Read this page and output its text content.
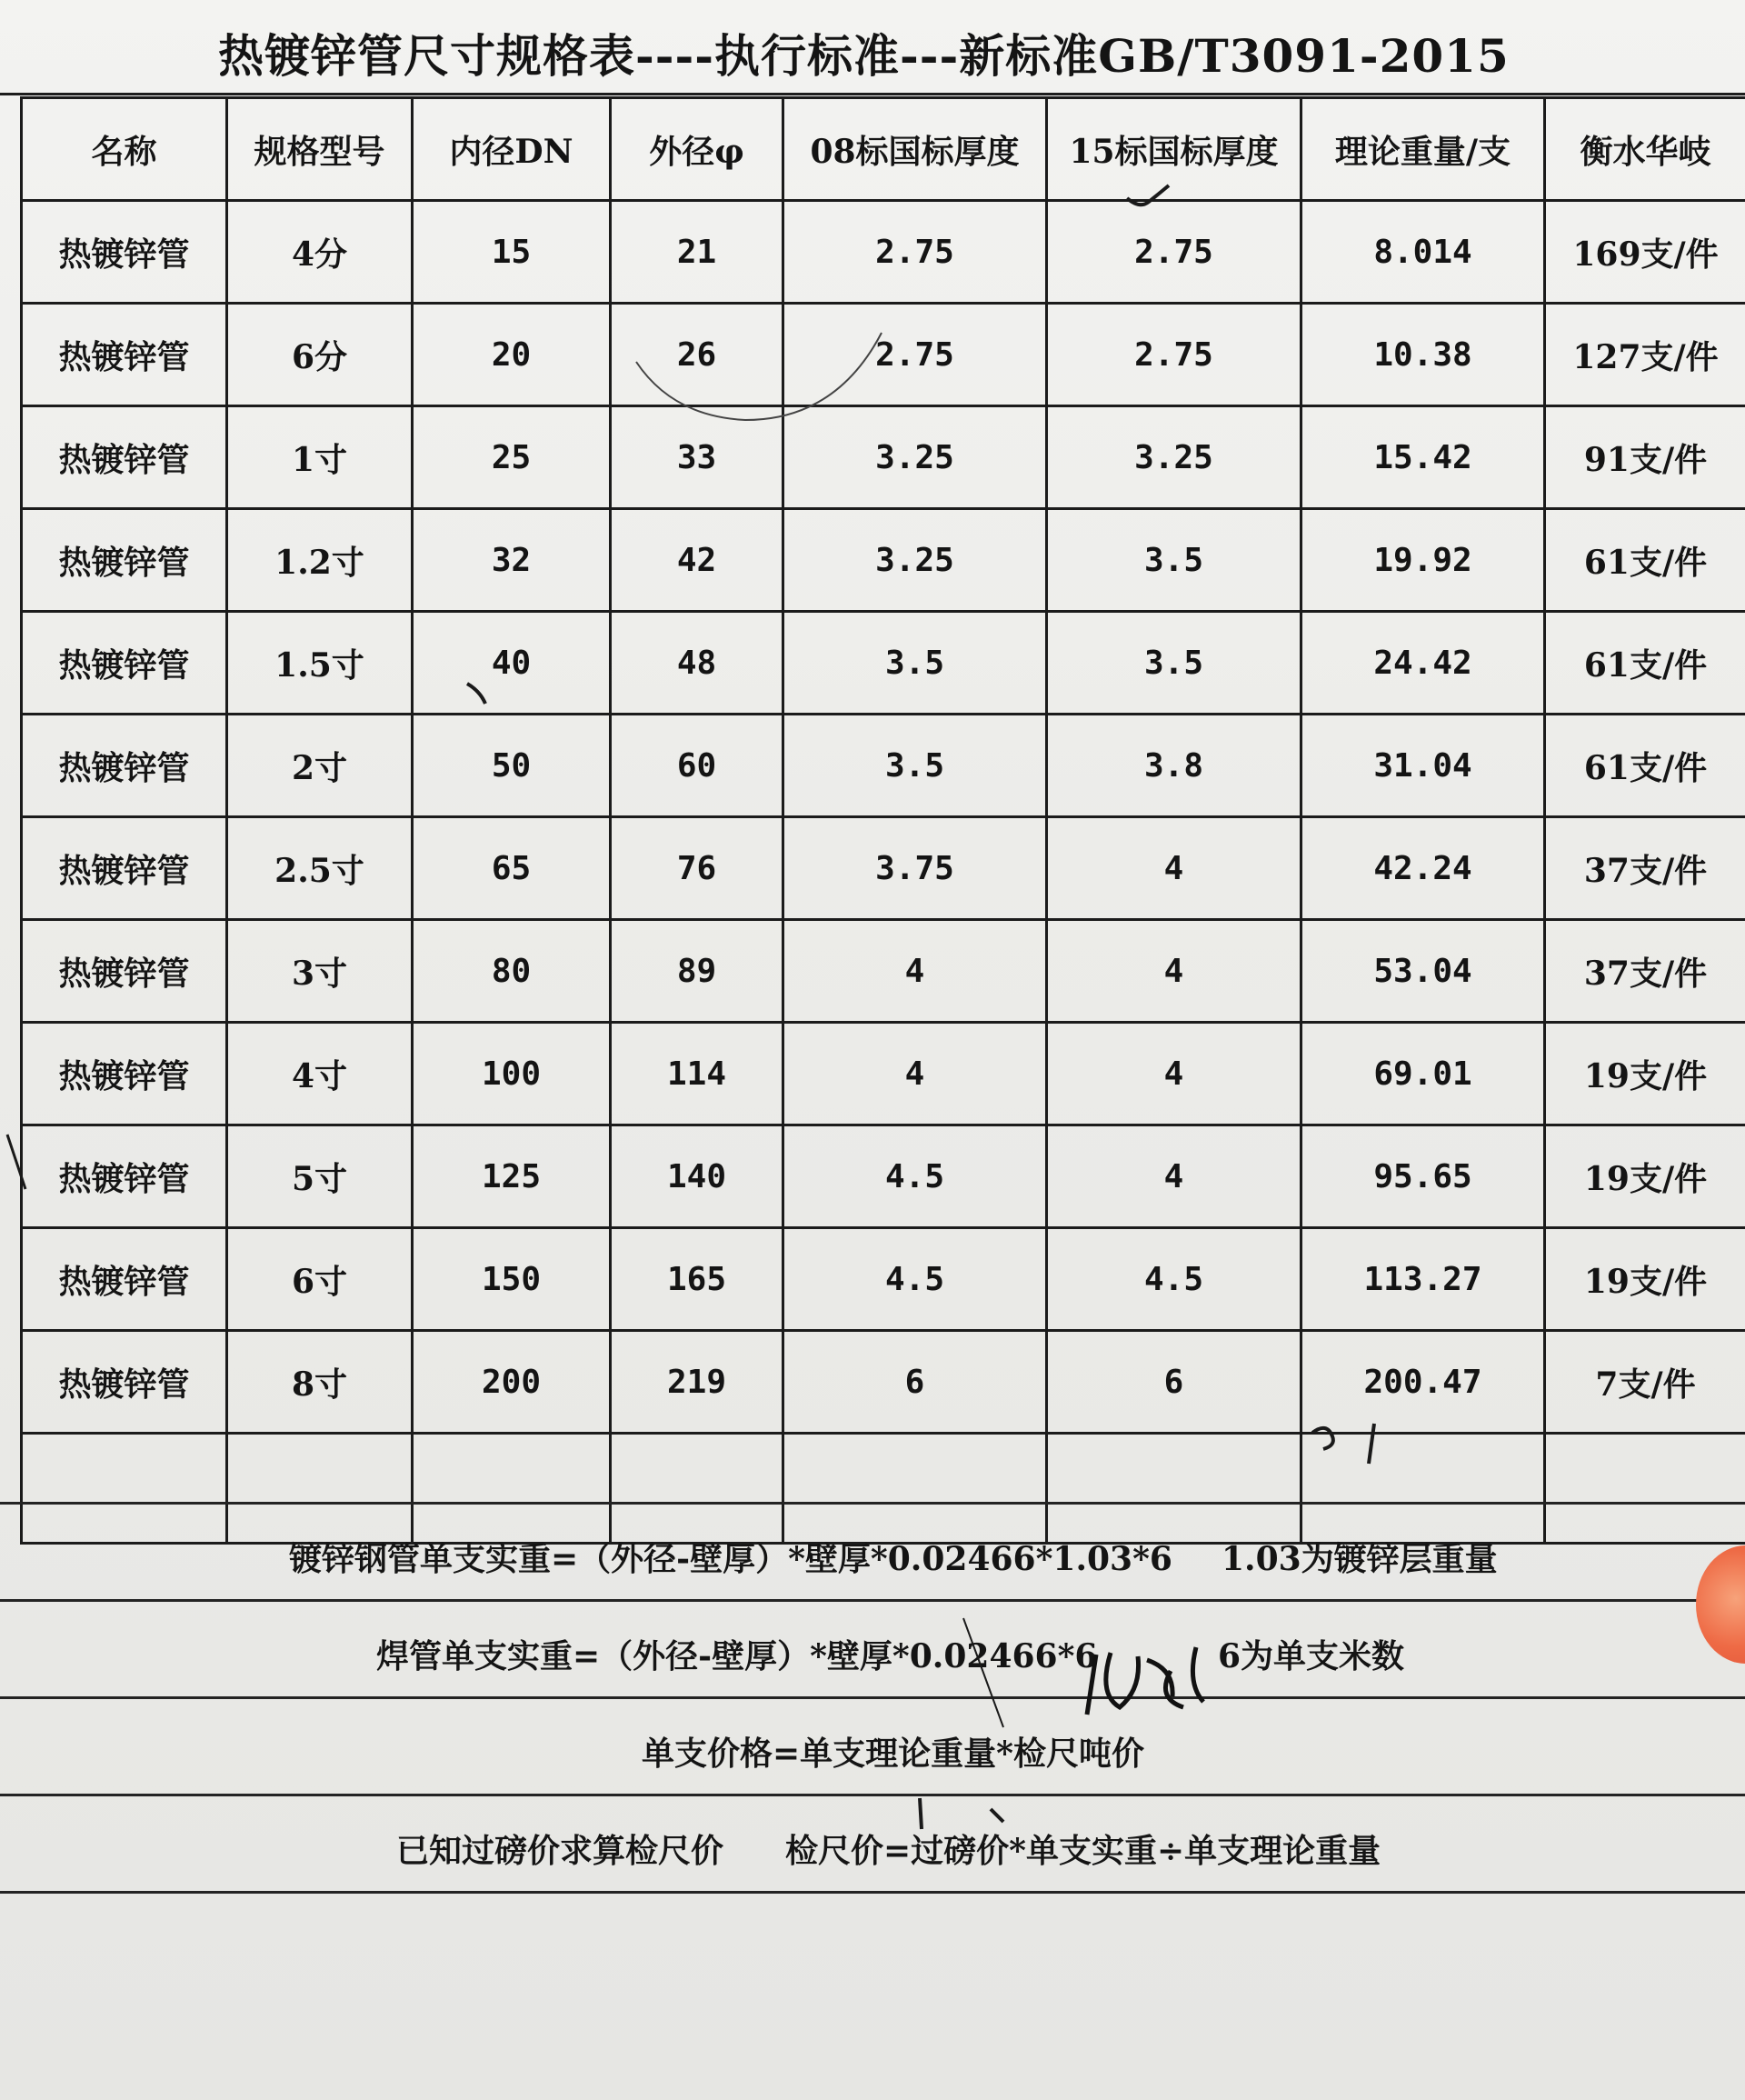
热镀锌管尺寸规格表----执行标准---新标准GB/T3091-2015
名称	规格型号	内径DN	外径φ	08标国标厚度	15标国标厚度	理论重量/支	衡水华岐
热镀锌管	4分	15	21	2.75	2.75	8.014	169支/件
热镀锌管	6分	20	26	2.75	2.75	10.38	127支/件
热镀锌管	1寸	25	33	3.25	3.25	15.42	91支/件
热镀锌管	1.2寸	32	42	3.25	3.5	19.92	61支/件
热镀锌管	1.5寸	40	48	3.5	3.5	24.42	61支/件
热镀锌管	2寸	50	60	3.5	3.8	31.04	61支/件
热镀锌管	2.5寸	65	76	3.75	4	42.24	37支/件
热镀锌管	3寸	80	89	4	4	53.04	37支/件
热镀锌管	4寸	100	114	4	4	69.01	19支/件
热镀锌管	5寸	125	140	4.5	4	95.65	19支/件
热镀锌管	6寸	150	165	4.5	4.5	113.27	19支/件
热镀锌管	8寸	200	219	6	6	200.47	7支/件

镀锌钢管单支实重=（外径-壁厚）*壁厚*0.02466*1.03*6 1.03为镀锌层重量
焊管单支实重=（外径-壁厚）*壁厚*0.02466*6	6为单支米数
单支价格=单支理论重量*检尺吨价
已知过磅价求算检尺价 检尺价=过磅价*单支实重÷单支理论重量
